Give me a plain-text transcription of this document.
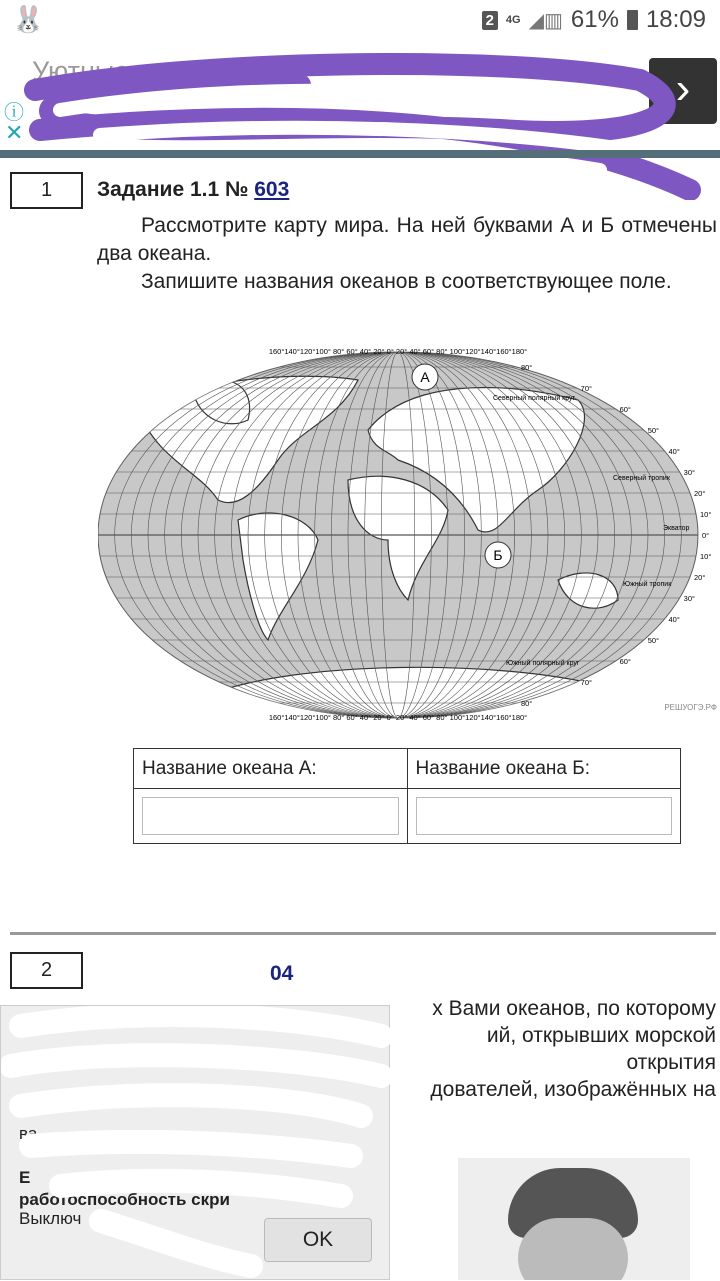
🐰	2	4G ◢▥ 61% 18:09
Уютные н… Москвы.
ⓘ
✕
›
1	Задание 1.1 № 603

Рассмотрите карту мира. На ней буквами А и Б отмечены два океана.

Запишите названия океанов в соответствующее поле.

160°140°120°100° 80° 60° 40° 20° 0° 20° 40° 60° 80° 100°120°140°160°180°
160°140°120°100° 80° 60° 40° 20° 0° 20° 40° 60° 80° 100°120°140°160°180°
80°
70°
60°
50°
40°
30°
20°
10°
0°
10°
20°
30°
40°
50°
60°
70°
80°
А
Б
Северный полярный круг
Северный тропик
Экватор
Южный тропик
Южный полярный круг
РЕШУОГЭ.РФ
Название океана А:	Название океана Б:

2	04
х Вами океанов, по которому
ий, открывших морской
открытия
дователей, изображённых на
ва
Е
работоспособность скри
Выключ
OK
